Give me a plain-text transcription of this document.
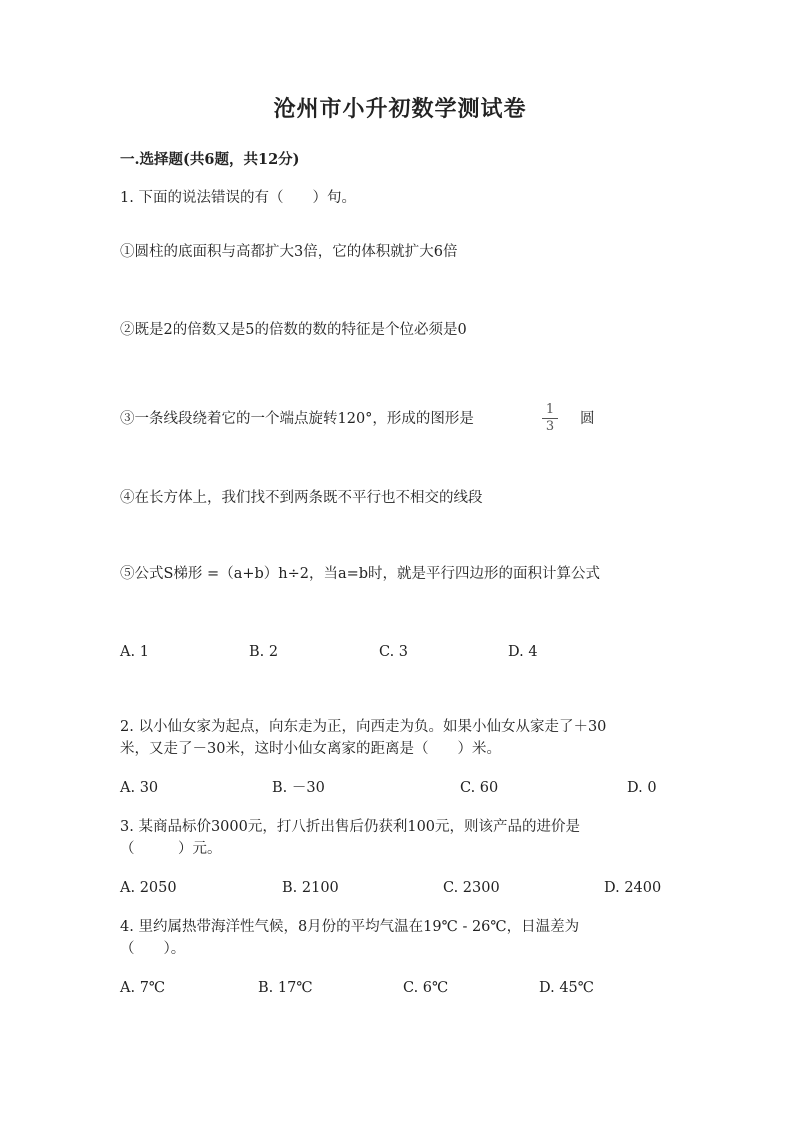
沧州市小升初数学测试卷
一.选择题(共6题，共12分)
1. 下面的说法错误的有（　　）句。
①圆柱的底面积与高都扩大3倍，它的体积就扩大6倍
②既是2的倍数又是5的倍数的数的特征是个位必须是0
③一条线段绕着它的一个端点旋转120°，形成的图形是
1
3	圆
④在长方体上，我们找不到两条既不平行也不相交的线段
⑤公式S梯形 =（a+b）h÷2，当a=b时，就是平行四边形的面积计算公式
A. 1	B. 2	C. 3	D. 4
2. 以小仙女家为起点，向东走为正，向西走为负。如果小仙女从家走了＋30
米，又走了－30米，这时小仙女离家的距离是（　　）米。
A. 30	B. －30	C. 60	D. 0
3. 某商品标价3000元，打八折出售后仍获利100元，则该产品的进价是
（　　　）元。
A. 2050	B. 2100	C. 2300	D. 2400
4. 里约属热带海洋性气候，8月份的平均气温在19℃ - 26℃，日温差为
（　　）。
A. 7℃	B. 17℃	C. 6℃	D. 45℃
